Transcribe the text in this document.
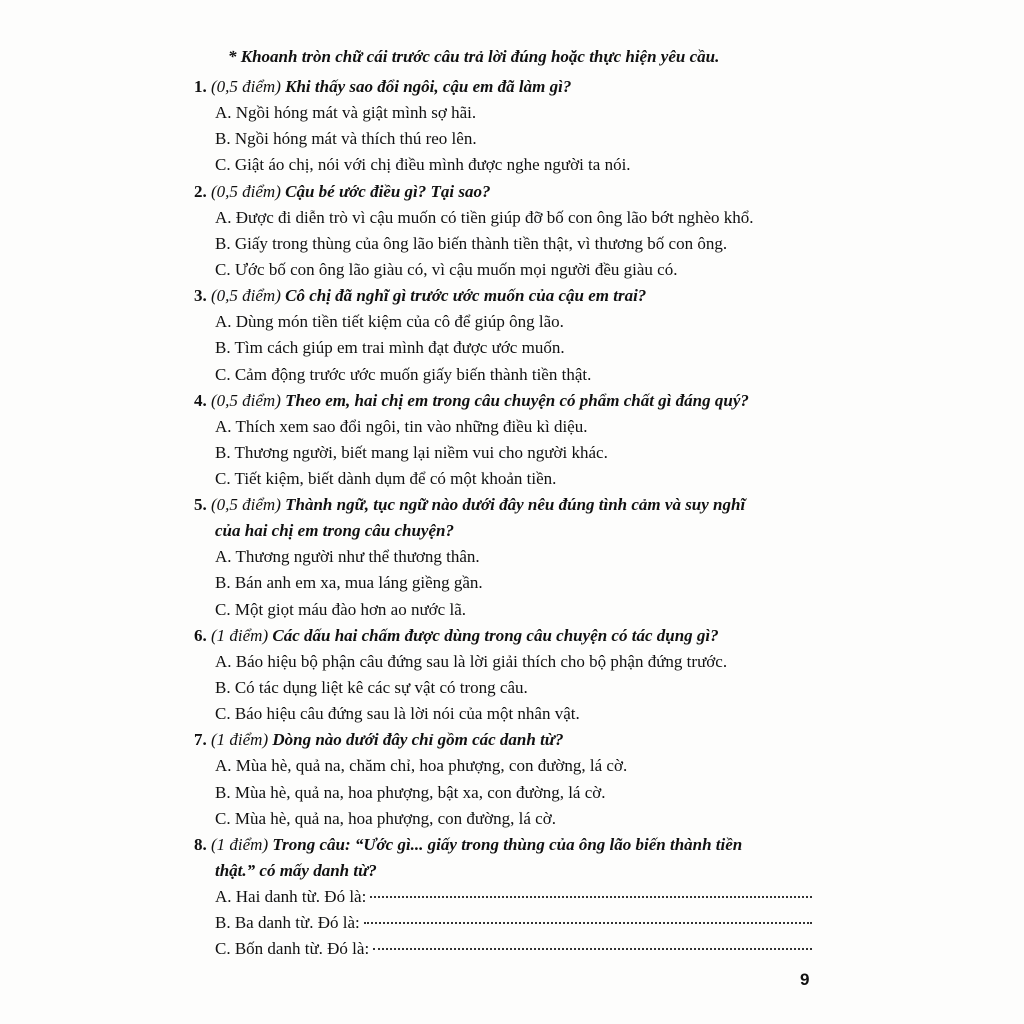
* Khoanh tròn chữ cái trước câu trả lời đúng hoặc thực hiện yêu cầu.
1. (0,5 điểm) Khi thấy sao đổi ngôi, cậu em đã làm gì?
A. Ngồi hóng mát và giật mình sợ hãi.
B. Ngồi hóng mát và thích thú reo lên.
C. Giật áo chị, nói với chị điều mình được nghe người ta nói.
2. (0,5 điểm) Cậu bé ước điều gì? Tại sao?
A. Được đi diễn trò vì cậu muốn có tiền giúp đỡ bố con ông lão bớt nghèo khổ.
B. Giấy trong thùng của ông lão biến thành tiền thật, vì thương bố con ông.
C. Ước bố con ông lão giàu có, vì cậu muốn mọi người đều giàu có.
3. (0,5 điểm) Cô chị đã nghĩ gì trước ước muốn của cậu em trai?
A. Dùng món tiền tiết kiệm của cô để giúp ông lão.
B. Tìm cách giúp em trai mình đạt được ước muốn.
C. Cảm động trước ước muốn giấy biến thành tiền thật.
4. (0,5 điểm) Theo em, hai chị em trong câu chuyện có phẩm chất gì đáng quý?
A. Thích xem sao đổi ngôi, tin vào những điều kì diệu.
B. Thương người, biết mang lại niềm vui cho người khác.
C. Tiết kiệm, biết dành dụm để có một khoản tiền.
5. (0,5 điểm) Thành ngữ, tục ngữ nào dưới đây nêu đúng tình cảm và suy nghĩ
của hai chị em trong câu chuyện?
A. Thương người như thể thương thân.
B. Bán anh em xa, mua láng giềng gần.
C. Một giọt máu đào hơn ao nước lã.
6. (1 điểm) Các dấu hai chấm được dùng trong câu chuyện có tác dụng gì?
A. Báo hiệu bộ phận câu đứng sau là lời giải thích cho bộ phận đứng trước.
B. Có tác dụng liệt kê các sự vật có trong câu.
C. Báo hiệu câu đứng sau là lời nói của một nhân vật.
7. (1 điểm) Dòng nào dưới đây chỉ gồm các danh từ?
A. Mùa hè, quả na, chăm chỉ, hoa phượng, con đường, lá cờ.
B. Mùa hè, quả na, hoa phượng, bật xa, con đường, lá cờ.
C. Mùa hè, quả na, hoa phượng, con đường, lá cờ.
8. (1 điểm) Trong câu: “Ước gì... giấy trong thùng của ông lão biến thành tiền
thật.” có mấy danh từ?
A. Hai danh từ. Đó là:
B. Ba danh từ. Đó là:
C. Bốn danh từ. Đó là:
9
